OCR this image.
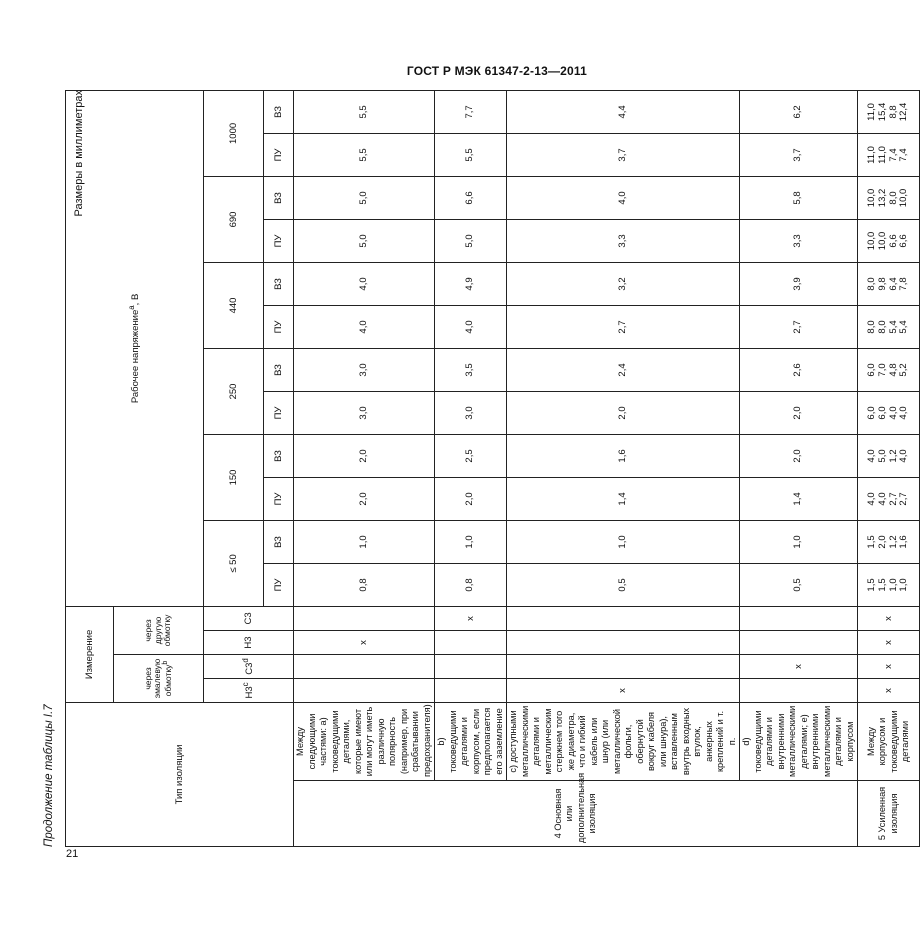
ГОСТ Р МЭК 61347-2-13—2011
Продолжение таблицы I.7
Размеры в миллиметрах
Тип изоляции		Измерение				Рабочее напряжение$^a$, В											
		через эмалевую обмотку$^b$		через другую обмотку													
		Н3$^c$	С3$^d$	Н3	С3	≤ 50		150		250		440		690		1000	
						ПУ	ВЗ	ПУ	ВЗ	ПУ	ВЗ	ПУ	ВЗ	ПУ	ВЗ	ПУ	ВЗ
4 Основная или дополнительная изоляция	Между следующими частями: а) токоведущими деталями, которые имеют или могут иметь различную полярность (например, при срабатывании предохранителя)			x		0,8	1,0	2,0	2,0	3,0	3,0	4,0	4,0	5,0	5,0	5,5	5,5
	b) токоведущими деталями и корпусом, если предполагается его заземление				x	0,8	1,0	2,0	2,5	3,0	3,5	4,0	4,9	5,0	6,6	5,5	7,7
	c) доступными металлическими деталями и металлическим стержнем того же диаметра, что и гибкий кабель или шнур (или металлической фольги, обернутой вокруг кабеля или шнура), вставленным внутрь входных втулок, анкерных креплений и т. п.	x				0,5	1,0	1,4	1,6	2,0	2,4	2,7	3,2	3,3	4,0	3,7	4,4
	d) токоведущими деталями и внутренними металлическими деталями; e) внутренними металлическими деталями и корпусом		x			0,5	1,0	1,4	2,0	2,0	2,6	2,7	3,9	3,3	5,8	3,7	6,2
5 Усиленная изоляция	Между корпусом и токоведущими деталями	x	x	x	x	1,5 1,5 1,0 1,0	1,5 2,0 1,2 1,6	4,0 4,0 2,7 2,7	4,0 5,0 1,2 4,0	6,0 6,0 4,0 4,0	6,0 7,0 4,8 5,2	8,0 8,0 5,4 5,4	8,0 9,8 6,4 7,8	10,0 10,0 6,6 6,6	10,0 13,2 8,0 10,0	11,0 11,0 7,4 7,4	11,0 15,4 8,8 12,4
21
